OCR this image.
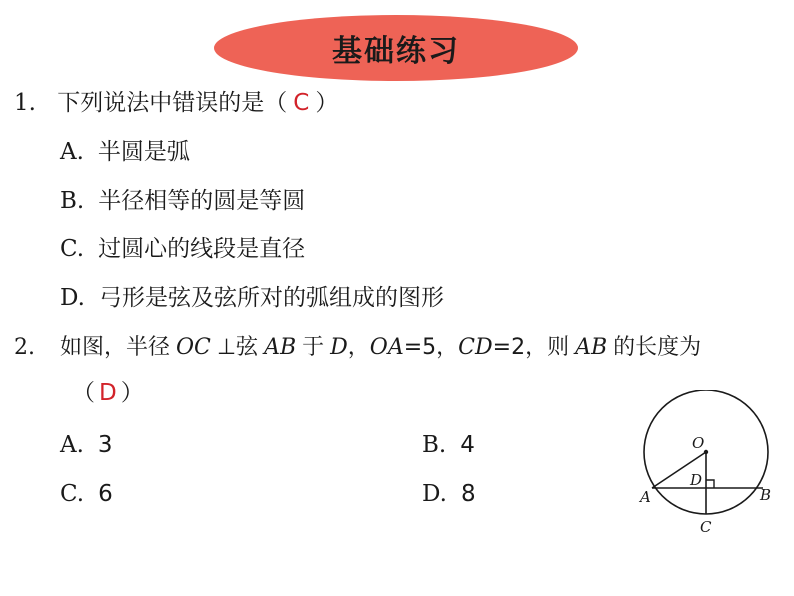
基础练习
1. 下列说法中错误的是（ C ）
A. 半圆是弧
B. 半径相等的圆是等圆
C. 过圆心的线段是直径
D. 弓形是弦及弦所对的弧组成的图形
2. 如图，半径 OC ⊥弦 AB 于 D，OA=5，CD=2，则 AB 的长度为
（ D ）
A. 3	B. 4
C. 6	D. 8
O
D
A	B
C
